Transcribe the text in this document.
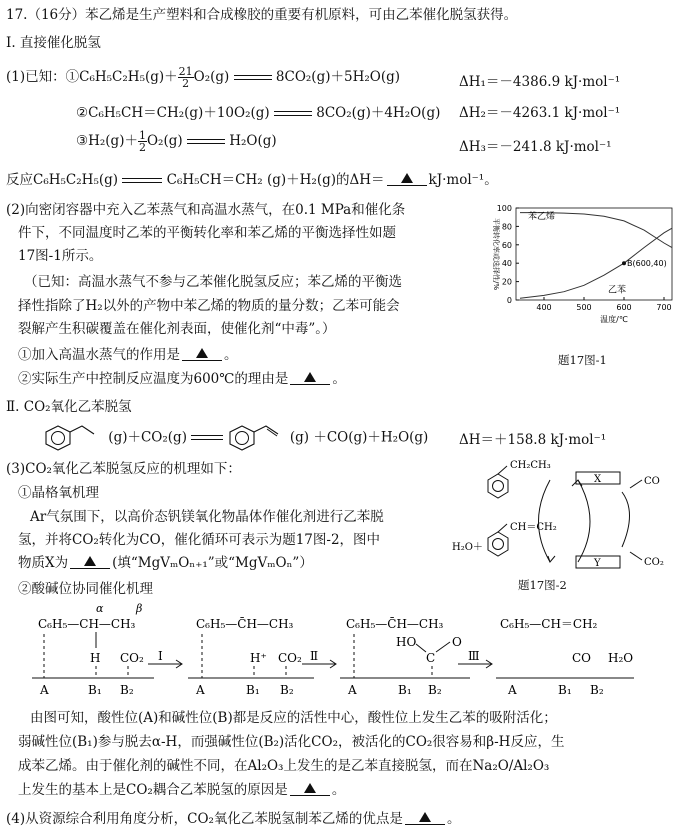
17.（16分）苯乙烯是生产塑料和合成橡胶的重要有机原料，可由乙苯催化脱氢获得。
Ⅰ. 直接催化脱氢
(1)已知：①C₆H₅C₂H₅(g)＋ $\frac{21}{2} O_2(g)$	8CO₂(g)＋5H₂O(g)	ΔH₁＝－4386.9 kJ·mol⁻¹
②C₆H₅CH＝CH₂(g)＋10O₂(g)	8CO₂(g)＋4H₂O(g) ΔH₂＝－4263.1 kJ·mol⁻¹
③H₂(g)＋ $\frac{1}{2} O_2(g)$	H₂O(g)	ΔH₃＝－241.8 kJ·mol⁻¹
反应C₆H₅C₂H₅(g)	C₆H₅CH＝CH₂ (g)＋H₂(g)的ΔH＝	kJ·mol⁻¹。
(2)向密闭容器中充入乙苯蒸气和高温水蒸气，在0.1 MPa和催化条
件下，不同温度时乙苯的平衡转化率和苯乙烯的平衡选择性如题
17图-1所示。
（已知：高温水蒸气不参与乙苯催化脱氢反应；苯乙烯的平衡选
择性指除了H₂以外的产物中苯乙烯的物质的量分数；乙苯可能会
裂解产生积碳覆盖在催化剂表面，使催化剂“中毒”。）
①加入高温水蒸气的作用是	。
②实际生产中控制反应温度为600℃的理由是	。
0
20
40
60
80
100
400	500	600	700
温度/℃
平衡转化率或选择性/%
苯乙烯
乙苯
B(600,40)
题17图-1
Ⅱ. CO₂氧化乙苯脱氢
(g)＋CO₂(g)	(g) ＋CO(g)＋H₂O(g) ΔH＝＋158.8 kJ·mol⁻¹
(3)CO₂氧化乙苯脱氢反应的机理如下：
①晶格氧机理
Ar气氛围下，以高价态钒镁氧化物晶体作催化剂进行乙苯脱
氢，并将CO₂转化为CO，催化循环可表示为题17图-2，图中
物质X为	(填“MgVₘOₙ₊₁”或“MgVₘOₙ”）
②酸碱位协同催化机理
CH₂CH₃
CH＝CH₂
H₂O＋
X
Y
CO
CO₂
题17图-2
α	β
C₆H₅—CH—CH₃
H CO₂
A	B₁ B₂
Ⅰ
C₆H₅—C̄H—CH₃
H⁺ CO₂
A	B₁ B₂
Ⅱ
C₆H₅—C̄H—CH₃
HO
C
O
A	B₁ B₂
Ⅲ
C₆H₅—CH＝CH₂
CO H₂O
A	B₁ B₂
由图可知，酸性位(A)和碱性位(B)都是反应的活性中心，酸性位上发生乙苯的吸附活化；
弱碱性位(B₁)参与脱去α-H，而强碱性位(B₂)活化CO₂，被活化的CO₂很容易和β-H反应，生
成苯乙烯。由于催化剂的碱性不同，在Al₂O₃上发生的是乙苯直接脱氢，而在Na₂O/Al₂O₃
上发生的基本上是CO₂耦合乙苯脱氢的原因是	。
(4)从资源综合利用角度分析，CO₂氧化乙苯脱氢制苯乙烯的优点是	。
